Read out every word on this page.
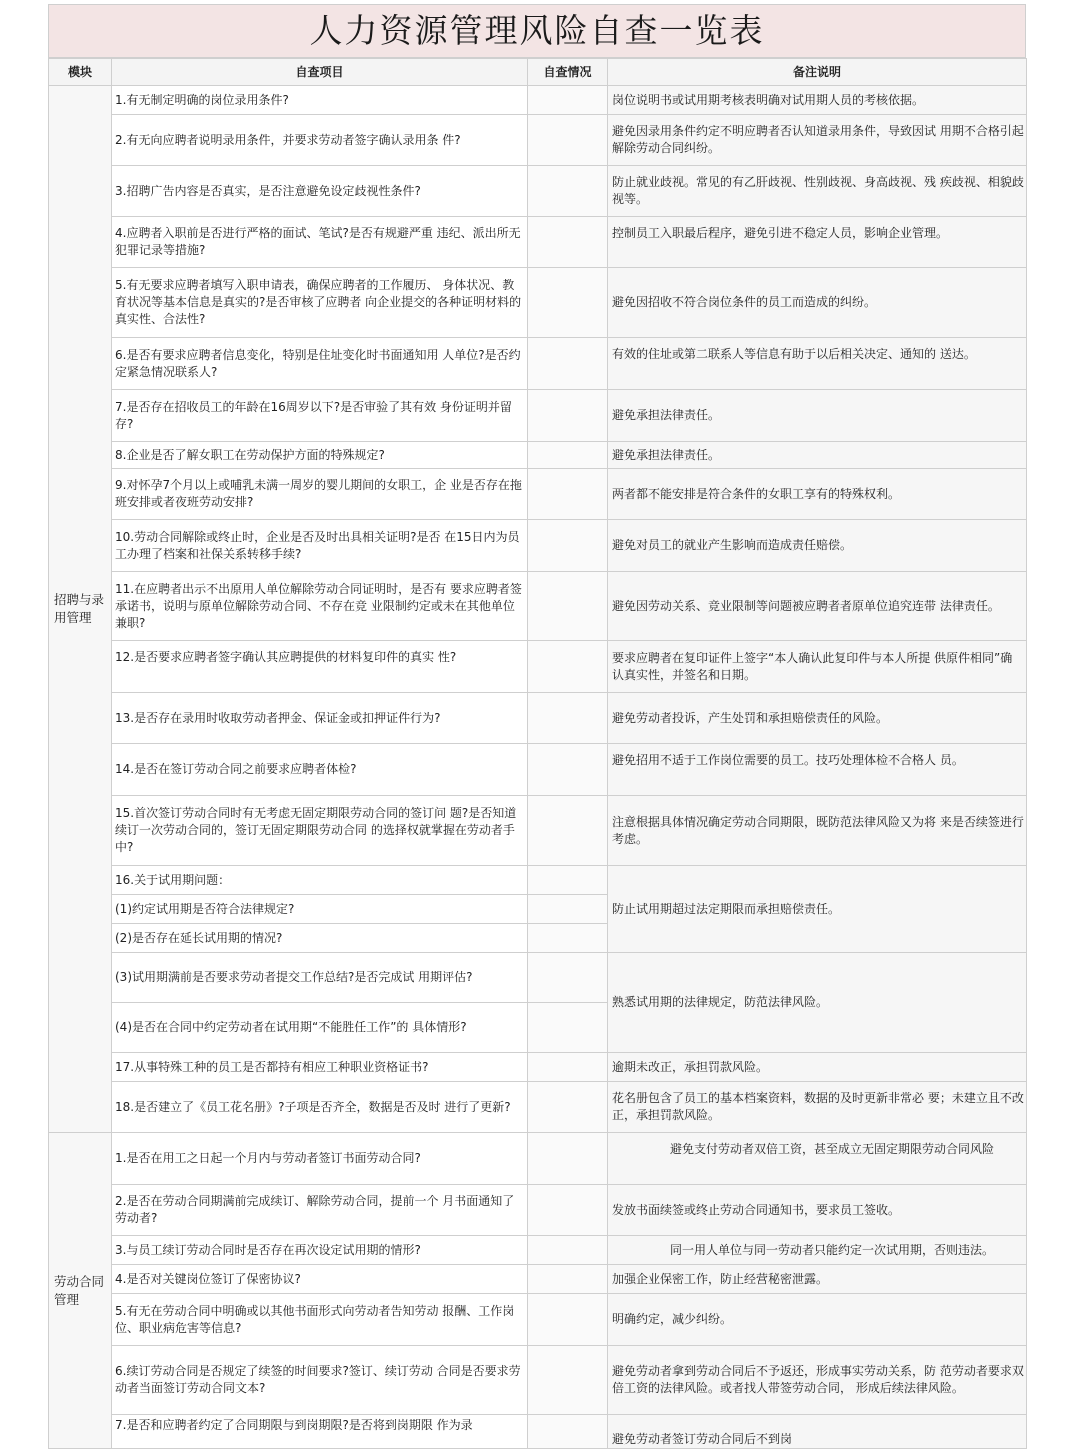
人力资源管理风险自查一览表
模块	自查项目	自查情况	备注说明
招聘与录用管理	1.有无制定明确的岗位录用条件?		岗位说明书或试用期考核表明确对试用期人员的考核依据。
	2.有无向应聘者说明录用条件，并要求劳动者签字确认录用条 件?		避免因录用条件约定不明应聘者否认知道录用条件，导致因试 用期不合格引起解除劳动合同纠纷。
	3.招聘广告内容是否真实，是否注意避免设定歧视性条件?		防止就业歧视。常见的有乙肝歧视、性别歧视、身高歧视、残 疾歧视、相貌歧视等。
	4.应聘者入职前是否进行严格的面试、笔试?是否有规避严重 违纪、派出所无犯罪记录等措施?		控制员工入职最后程序，避免引进不稳定人员，影响企业管理。
	5.有无要求应聘者填写入职申请表，确保应聘者的工作履历、 身体状况、教育状况等基本信息是真实的?是否审核了应聘者 向企业提交的各种证明材料的真实性、合法性?		避免因招收不符合岗位条件的员工而造成的纠纷。
	6.是否有要求应聘者信息变化，特别是住址变化时书面通知用 人单位?是否约定紧急情况联系人?		有效的住址或第二联系人等信息有助于以后相关决定、通知的 送达。
	7.是否存在招收员工的年龄在16周岁以下?是否审验了其有效 身份证明并留存?		避免承担法律责任。
	8.企业是否了解女职工在劳动保护方面的特殊规定?		避免承担法律责任。
	9.对怀孕7个月以上或哺乳未满一周岁的婴儿期间的女职工，企 业是否存在拖班安排或者夜班劳动安排?		两者都不能安排是符合条件的女职工享有的特殊权利。
	10.劳动合同解除或终止时，企业是否及时出具相关证明?是否 在15日内为员工办理了档案和社保关系转移手续?		避免对员工的就业产生影响而造成责任赔偿。
	11.在应聘者出示不出原用人单位解除劳动合同证明时，是否有 要求应聘者签承诺书，说明与原单位解除劳动合同、不存在竞 业限制约定或未在其他单位兼职?		避免因劳动关系、竞业限制等问题被应聘者者原单位追究连带 法律责任。
	12.是否要求应聘者签字确认其应聘提供的材料复印件的真实 性?		要求应聘者在复印证件上签字“本人确认此复印件与本人所提 供原件相同”确认真实性，并签名和日期。
	13.是否存在录用时收取劳动者押金、保证金或扣押证件行为?		避免劳动者投诉，产生处罚和承担赔偿责任的风险。
	14.是否在签订劳动合同之前要求应聘者体检?		避免招用不适于工作岗位需要的员工。技巧处理体检不合格人 员。
	15.首次签订劳动合同时有无考虑无固定期限劳动合同的签订问 题?是否知道续订一次劳动合同的，签订无固定期限劳动合同 的选择权就掌握在劳动者手中?		注意根据具体情况确定劳动合同期限，既防范法律风险又为将 来是否续签进行考虑。
	16.关于试用期问题：		防止试用期超过法定期限而承担赔偿责任。
	(1)约定试用期是否符合法律规定?		
	(2)是否存在延长试用期的情况?		
	(3)试用期满前是否要求劳动者提交工作总结?是否完成试 用期评估?		熟悉试用期的法律规定，防范法律风险。
	(4)是否在合同中约定劳动者在试用期“不能胜任工作”的 具体情形?		
	17.从事特殊工种的员工是否都持有相应工种职业资格证书?		逾期未改正，承担罚款风险。
	18.是否建立了《员工花名册》?子项是否齐全，数据是否及时 进行了更新?		花名册包含了员工的基本档案资料，数据的及时更新非常必 要；未建立且不改正，承担罚款风险。
劳动合同管理	1.是否在用工之日起一个月内与劳动者签订书面劳动合同?		避免支付劳动者双倍工资，甚至成立无固定期限劳动合同风险
	2.是否在劳动合同期满前完成续订、解除劳动合同，提前一个 月书面通知了劳动者?		发放书面续签或终止劳动合同通知书，要求员工签收。
	3.与员工续订劳动合同时是否存在再次设定试用期的情形?		同一用人单位与同一劳动者只能约定一次试用期，否则违法。
	4.是否对关键岗位签订了保密协议?		加强企业保密工作，防止经营秘密泄露。
	5.有无在劳动合同中明确或以其他书面形式向劳动者告知劳动 报酬、工作岗位、职业病危害等信息?		明确约定，减少纠纷。
	6.续订劳动合同是否规定了续签的时间要求?签订、续订劳动 合同是否要求劳动者当面签订劳动合同文本?		避免劳动者拿到劳动合同后不予返还，形成事实劳动关系，防 范劳动者要求双倍工资的法律风险。或者找人带签劳动合同， 形成后续法律风险。
	7.是否和应聘者约定了合同期限与到岗期限?是否将到岗期限 作为录		避免劳动者签订劳动合同后不到岗
